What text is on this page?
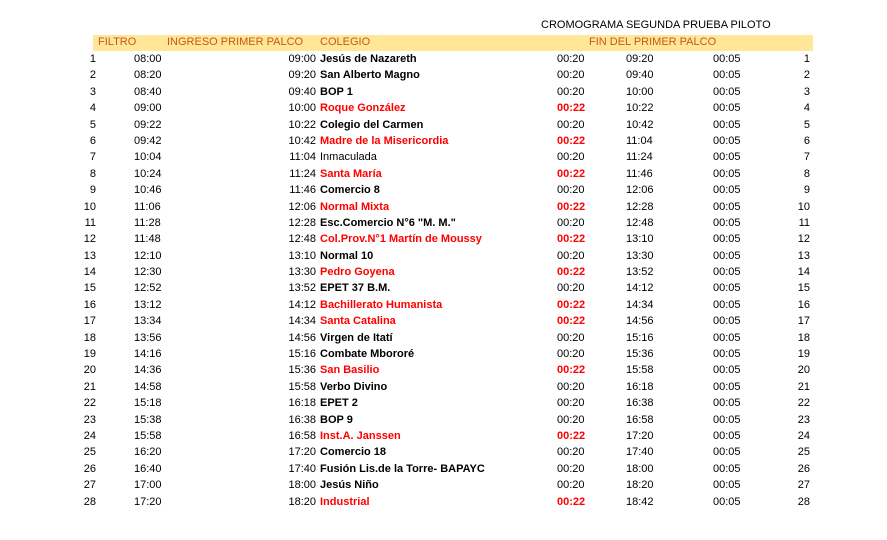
CROMOGRAMA SEGUNDA PRUEBA PILOTO
FILTRO	INGRESO PRIMER PALCO COLEGIO	FIN DEL PRIMER PALCO
1	08:00	09:00 Jesús de Nazareth	00:20	09:20	00:05	1
2	08:20	09:20 San Alberto Magno	00:20	09:40	00:05	2
3	08:40	09:40 BOP 1	00:20	10:00	00:05	3
4	09:00	10:00 Roque González	00:22	10:22	00:05	4
5	09:22	10:22 Colegio del Carmen	00:20	10:42	00:05	5
6	09:42	10:42 Madre de la Misericordia	00:22	11:04	00:05	6
7	10:04	11:04 Inmaculada	00:20	11:24	00:05	7
8	10:24	11:24 Santa María	00:22	11:46	00:05	8
9	10:46	11:46 Comercio 8	00:20	12:06	00:05	9
10	11:06	12:06 Normal Mixta	00:22	12:28	00:05	10
11	11:28	12:28 Esc.Comercio N°6 "M. M."	00:20	12:48	00:05	11
12	11:48	12:48 Col.Prov.N°1 Martín de Moussy	00:22	13:10	00:05	12
13	12:10	13:10 Normal 10	00:20	13:30	00:05	13
14	12:30	13:30 Pedro Goyena	00:22	13:52	00:05	14
15	12:52	13:52 EPET 37 B.M.	00:20	14:12	00:05	15
16	13:12	14:12 Bachillerato Humanista	00:22	14:34	00:05	16
17	13:34	14:34 Santa Catalina	00:22	14:56	00:05	17
18	13:56	14:56 Virgen de Itatí	00:20	15:16	00:05	18
19	14:16	15:16 Combate Mbororé	00:20	15:36	00:05	19
20	14:36	15:36 San Basilio	00:22	15:58	00:05	20
21	14:58	15:58 Verbo Divino	00:20	16:18	00:05	21
22	15:18	16:18 EPET 2	00:20	16:38	00:05	22
23	15:38	16:38 BOP 9	00:20	16:58	00:05	23
24	15:58	16:58 Inst.A. Janssen	00:22	17:20	00:05	24
25	16:20	17:20 Comercio 18	00:20	17:40	00:05	25
26	16:40	17:40 Fusión Lis.de la Torre- BAPAYC	00:20	18:00	00:05	26
27	17:00	18:00 Jesús Niño	00:20	18:20	00:05	27
28	17:20	18:20 Industrial	00:22	18:42	00:05	28
